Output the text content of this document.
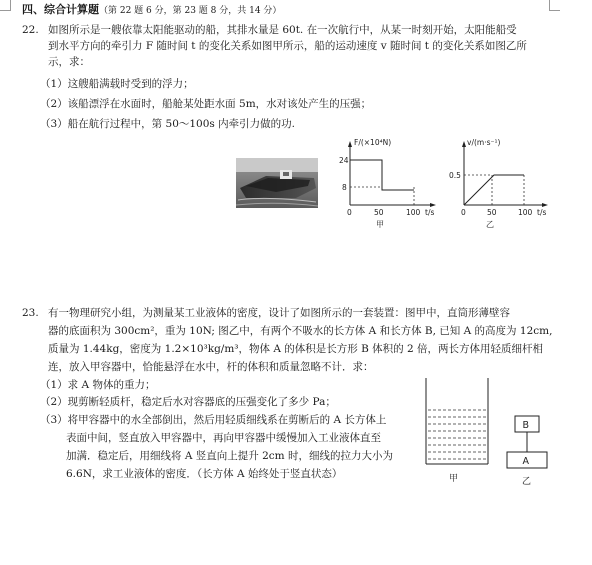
四、综合计算题（第 22 题 6 分，第 23 题 8 分，共 14 分）
22. 如图所示是一艘依靠太阳能驱动的船，其排水量是 60t. 在一次航行中，从某一时刻开始，太阳能船受
到水平方向的牵引力 F 随时间 t 的变化关系如图甲所示，船的运动速度 v 随时间 t 的变化关系如图乙所
示，求：
（1）这艘船满载时受到的浮力；
（2）该船漂浮在水面时，船舱某处距水面 5m，水对该处产生的压强；
（3）船在航行过程中，第 50～100s 内牵引力做的功.
F/(×10⁴N)
t/s
0	50	100
24
8
甲
v/(m·s⁻¹)
t/s
0	50	100
0.5
乙
23. 有一物理研究小组，为测量某工业液体的密度，设计了如图所示的一套装置：图甲中，直筒形薄壁容
器的底面积为 300cm²，重为 10N; 图乙中，有两个不吸水的长方体 A 和长方体 B, 已知 A 的高度为 12cm,
质量为 1.44kg，密度为 1.2×10³kg/m³，物体 A 的体积是长方形 B 体积的 2 倍，两长方体用轻质细杆相
连，放入甲容器中，恰能悬浮在水中，杆的体积和质量忽略不计．求：
（1）求 A 物体的重力；
（2）现剪断轻质杆，稳定后水对容器底的压强变化了多少 Pa；
（3）将甲容器中的水全部倒出，然后用轻质细线系在剪断后的 A 长方体上
表面中间，竖直放入甲容器中，再向甲容器中缓慢加入工业液体直至
加满．稳定后，用细线将 A 竖直向上提升 2cm 时，细线的拉力大小为
6.6N，求工业液体的密度．（长方体 A 始终处于竖直状态）	甲
B
A
乙
